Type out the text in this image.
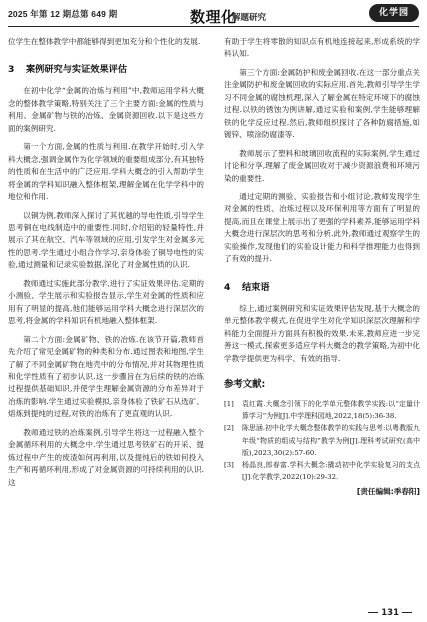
2025 年第 12 期总第 649 期	数理化
解题研究	化学园

位学生在整体教学中都能够得到更加充分和个性化的发展.

3 案例研究与实证效果评估

在初中化学“金属的冶炼与利用”中,教师运用学科大概念的整体教学策略,特别关注了三个主要方面:金属的性质与利用、金属矿物与铁的冶炼、金属资源回收.以下是这些方面的案例研究.

第一个方面,金属的性质与利用.在教学开始时,引入学科大概念,强调金属作为化学领域的重要组成部分,有其独特的性质和在生活中的广泛应用.学科大概念的引入帮助学生将金属的学科知识融入整体框架,理解金属在化学学科中的地位和作用.

以铜为例,教师深入探讨了其优越的导电性质,引导学生思考铜在电线制造中的重要性.同时,介绍铝的轻量特性,并展示了其在航空、汽车等领域的应用,引发学生对金属多元性的思考.学生通过小组合作学习,亲身体验了铜导电性的实验,通过测量和记录实验数据,深化了对金属性质的认识.

教师通过实施此部分教学,进行了实证效果评估.定期的小测验、学生展示和实验报告显示,学生对金属的性质和应用有了明显的提高,他们能够运用学科大概念进行深层次的思考,将金属的学科知识有机地融入整体框架.

第二个方面:金属矿物、铁的冶炼.在该节开篇,教师首先介绍了常见金属矿物的种类和分布.通过图表和地图,学生了解了不同金属矿物在地壳中的分布情况,并对其物理性质和化学性质有了初步认识.这一步骤旨在为后续的铁的冶炼过程提供基础知识,并使学生理解金属资源的分布差异对于冶炼的影响.学生通过实验模拟,亲身体验了铁矿石从选矿、熔炼到提纯的过程,对铁的冶炼有了更直观的认识.

教师通过铁的冶炼案例,引导学生将这一过程融入整个金属循环利用的大概念中.学生通过思考铁矿石的开采、提炼过程中产生的废渣如何再利用,以及提纯后的铁如何投入生产和再循环利用,形成了对金属资源的可持续利用的认识.这

有助于学生将零散的知识点有机地连接起来,形成系统的学科认知.

第三个方面:金属防护和废金属回收.在这一部分重点关注金属防护和废金属回收的实际应用.首先,教师引导学生学习不同金属的腐蚀机理,深入了解金属在特定环境下的腐蚀过程.以铁的锈蚀为例讲解,通过实验和案例,学生能够理解铁的化学反应过程.然后,教师组织探讨了各种防腐措施,如镀锌、喷涂防腐漆等.

教师展示了塑料和玻璃回收流程的实际案例,学生通过讨论和分享,理解了废金属回收对于减少资源浪费和环境污染的重要性.

通过定期的测验、实验报告和小组讨论,教师发现学生对金属的性质、冶炼过程以及环保利用等方面有了明显的提高,而且在课堂上展示出了更强的学科素养,能够运用学科大概念进行深层次的思考和分析.此外,教师通过观察学生的实验操作,发现他们的实验设计能力和科学推理能力也得到了有效的提升.

4 结束语

综上,通过案例研究和实证效果评估发现,基于大概念的单元整体教学模式,在促进学生对化学知识深层次理解和学科能力全面提升方面具有积极的效果.未来,教师应进一步完善这一模式,探索更多适应学科大概念的教学策略,为初中化学教学提供更为科学、有效的指导.

参考文献:
[1]	袁红霞.大概念引领下的化学单元整体教学实践:以“定量计算学习”为例[J].中学理科园地,2022,18(5):36-38.
[2]	陈思涵.初中化学大概念整体教学的实践与思考:以粤教版九年级“物质的组成与结构”教学为例[J].理科考试研究(高中版),2023,30(2):57-60.
[3]	杨晶良,郎春富.学科大概念:撬动初中化学实验复习的支点[J].化学教学,2022(10):29-32.
[责任编辑:季春阳]
131
